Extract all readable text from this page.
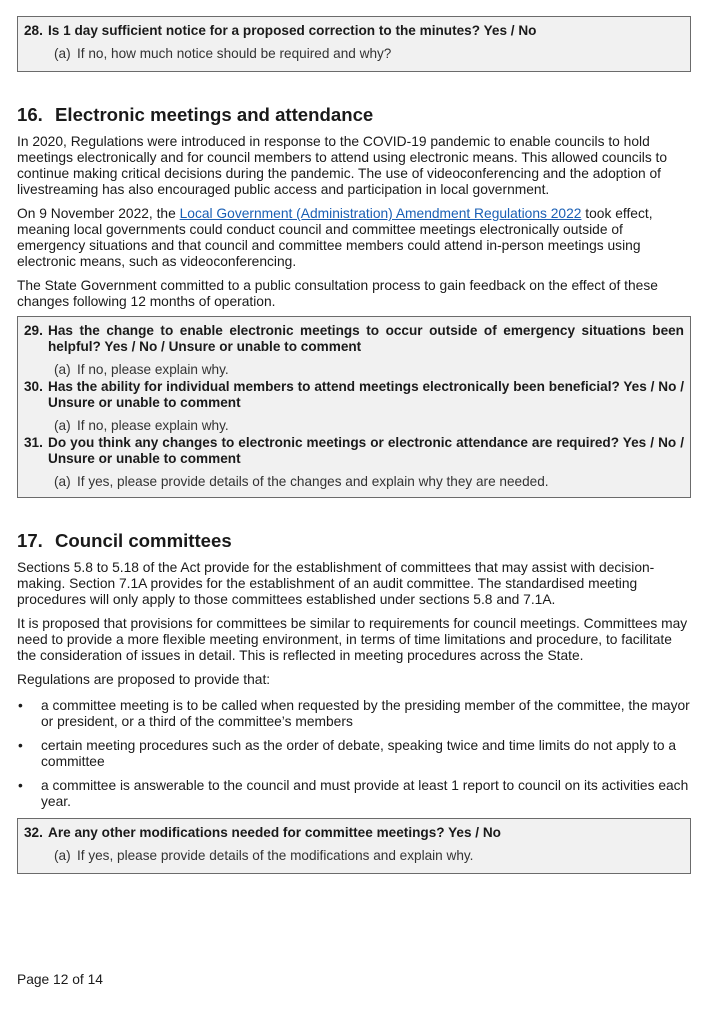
28. Is 1 day sufficient notice for a proposed correction to the minutes? Yes / No
(a) If no, how much notice should be required and why?
16. Electronic meetings and attendance

In 2020, Regulations were introduced in response to the COVID-19 pandemic to enable councils to hold meetings electronically and for council members to attend using electronic means. This allowed councils to continue making critical decisions during the pandemic. The use of videoconferencing and the adoption of livestreaming has also encouraged public access and participation in local government.

On 9 November 2022, the Local Government (Administration) Amendment Regulations 2022 took effect, meaning local governments could conduct council and committee meetings electronically outside of emergency situations and that council and committee members could attend in-person meetings using electronic means, such as videoconferencing.

The State Government committed to a public consultation process to gain feedback on the effect of these changes following 12 months of operation.

29. Has the change to enable electronic meetings to occur outside of emergency situations been helpful? Yes / No / Unsure or unable to comment
(a) If no, please explain why.
30. Has the ability for individual members to attend meetings electronically been beneficial? Yes / No / Unsure or unable to comment
(a) If no, please explain why.
31. Do you think any changes to electronic meetings or electronic attendance are required? Yes / No / Unsure or unable to comment
(a) If yes, please provide details of the changes and explain why they are needed.
17. Council committees

Sections 5.8 to 5.18 of the Act provide for the establishment of committees that may assist with decision-making. Section 7.1A provides for the establishment of an audit committee. The standardised meeting procedures will only apply to those committees established under sections 5.8 and 7.1A.

It is proposed that provisions for committees be similar to requirements for council meetings. Committees may need to provide a more flexible meeting environment, in terms of time limitations and procedure, to facilitate the consideration of issues in detail. This is reflected in meeting procedures across the State.

Regulations are proposed to provide that:

•	a committee meeting is to be called when requested by the presiding member of the committee, the mayor or president, or a third of the committee’s members
•	certain meeting procedures such as the order of debate, speaking twice and time limits do not apply to a committee
•	a committee is answerable to the council and must provide at least 1 report to council on its activities each year.
32. Are any other modifications needed for committee meetings? Yes / No
(a) If yes, please provide details of the modifications and explain why.
Page 12 of 14
